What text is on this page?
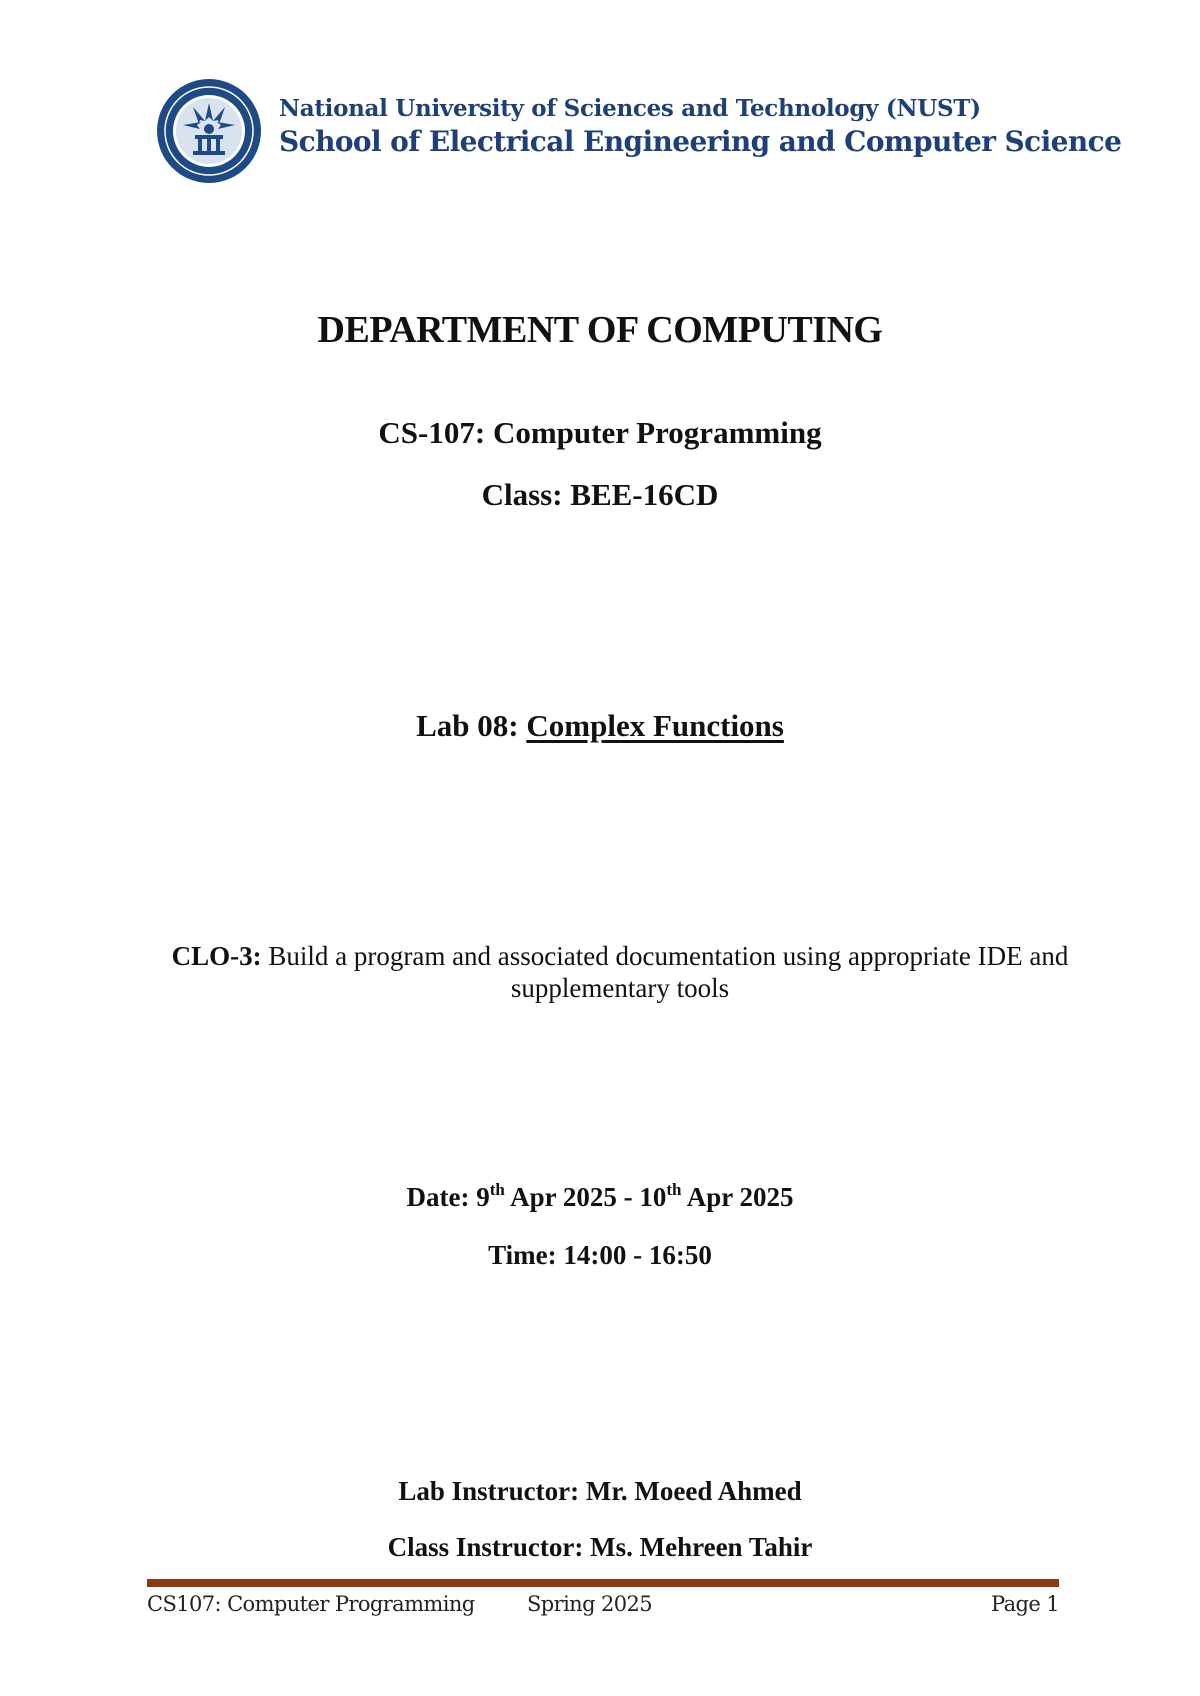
National University of Sciences and Technology (NUST)
School of Electrical Engineering and Computer Science
DEPARTMENT OF COMPUTING
CS-107: Computer Programming
Class: BEE-16CD
Lab 08: Complex Functions
CLO-3: Build a program and associated documentation using appropriate IDE and supplementary tools
Date: 9th Apr 2025 - 10th Apr 2025
Time: 14:00 - 16:50
Lab Instructor: Mr. Moeed Ahmed
Class Instructor: Ms. Mehreen Tahir
CS107: Computer Programming Spring 2025	Page 1
